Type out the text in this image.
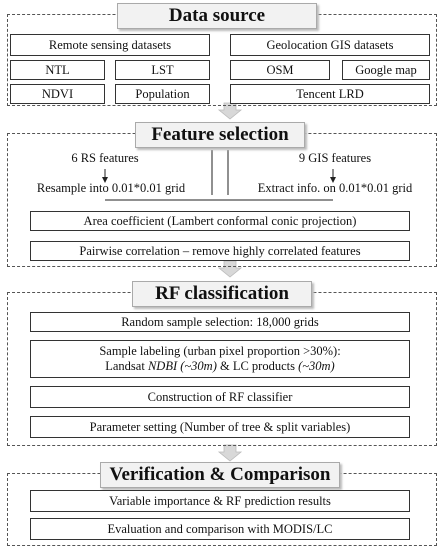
Data source
Remote sensing datasets	Geolocation GIS datasets
NTL	LST
NDVI	Population
OSM	Google map
Tencent LRD
Feature selection
6 RS features	9 GIS features
Resample into 0.01*0.01 grid	Extract info. on 0.01*0.01 grid
Area coefficient (Lambert conformal conic projection)
Pairwise correlation – remove highly correlated features
RF classification
Random sample selection: 18,000 grids
Sample labeling (urban pixel proportion >30%):
Landsat NDBI (~30m) & LC products (~30m)
Construction of RF classifier
Parameter setting (Number of tree & split variables)
Verification & Comparison
Variable importance & RF prediction results
Evaluation and comparison with MODIS/LC
